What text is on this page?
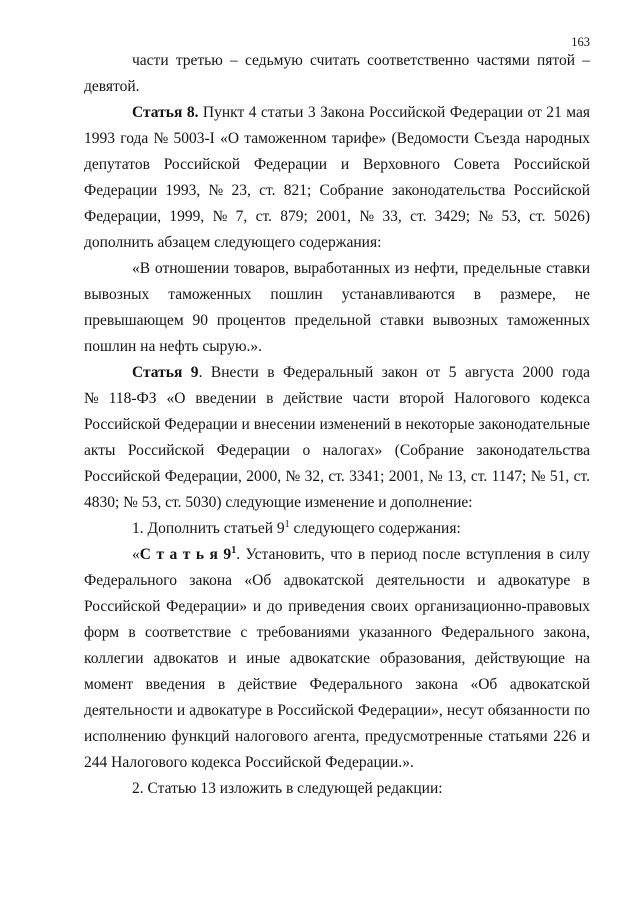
163
части третью – седьмую считать соответственно частями пятой –
девятой.
Статья 8. Пункт 4 статьи 3 Закона Российской Федерации от 21 мая
1993 года № 5003-I «О таможенном тарифе» (Ведомости Съезда народных
депутатов Российской Федерации и Верховного Совета Российской
Федерации 1993, № 23, ст. 821; Собрание законодательства Российской
Федерации, 1999, № 7, ст. 879; 2001, № 33, ст. 3429; № 53, ст. 5026)
дополнить абзацем следующего содержания:
«В отношении товаров, выработанных из нефти, предельные ставки
вывозных таможенных пошлин устанавливаются в размере, не
превышающем 90 процентов предельной ставки вывозных таможенных
пошлин на нефть сырую.».
Статья 9. Внести в Федеральный закон от 5 августа 2000 года
№ 118-ФЗ «О введении в действие части второй Налогового кодекса
Российской Федерации и внесении изменений в некоторые законодательные
акты Российской Федерации о налогах» (Собрание законодательства
Российской Федерации, 2000, № 32, ст. 3341; 2001, № 13, ст. 1147; № 51, ст.
4830; № 53, ст. 5030) следующие изменение и дополнение:
1. Дополнить статьей $9^1$ следующего содержания:
«С т а т ь я $9^1$. Установить, что в период после вступления в силу
Федерального закона «Об адвокатской деятельности и адвокатуре в
Российской Федерации» и до приведения своих организационно-правовых
форм в соответствие с требованиями указанного Федерального закона,
коллегии адвокатов и иные адвокатские образования, действующие на
момент введения в действие Федерального закона «Об адвокатской
деятельности и адвокатуре в Российской Федерации», несут обязанности по
исполнению функций налогового агента, предусмотренные статьями 226 и
244 Налогового кодекса Российской Федерации.».
2. Статью 13 изложить в следующей редакции:
